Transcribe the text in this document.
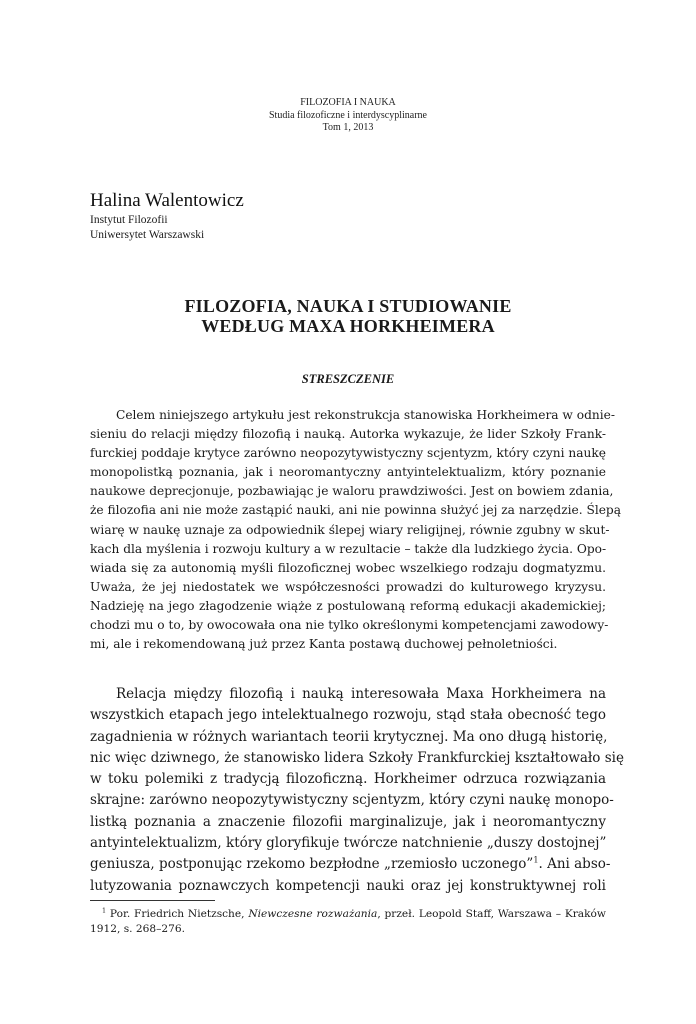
FILOZOFIA I NAUKA
Studia filozoficzne i interdyscyplinarne
Tom 1, 2013
Halina Walentowicz
Instytut Filozofii
Uniwersytet Warszawski
FILOZOFIA, NAUKA I STUDIOWANIE
WEDŁUG MAXA HORKHEIMERA
STRESZCZENIE
Celem niniejszego artykułu jest rekonstrukcja stanowiska Horkheimera w odnie-
sieniu do relacji między filozofią i nauką. Autorka wykazuje, że lider Szkoły Frank-
furckiej poddaje krytyce zarówno neopozytywistyczny scjentyzm, który czyni naukę
monopolistką poznania, jak i neoromantyczny antyintelektualizm, który poznanie
naukowe deprecjonuje, pozbawiając je waloru prawdziwości. Jest on bowiem zdania,
że filozofia ani nie może zastąpić nauki, ani nie powinna służyć jej za narzędzie. Ślepą
wiarę w naukę uznaje za odpowiednik ślepej wiary religijnej, równie zgubny w skut-
kach dla myślenia i rozwoju kultury a w rezultacie – także dla ludzkiego życia. Opo-
wiada się za autonomią myśli filozoficznej wobec wszelkiego rodzaju dogmatyzmu.
Uważa, że jej niedostatek we współczesności prowadzi do kulturowego kryzysu.
Nadzieję na jego złagodzenie wiąże z postulowaną reformą edukacji akademickiej;
chodzi mu o to, by owocowała ona nie tylko określonymi kompetencjami zawodowy-
mi, ale i rekomendowaną już przez Kanta postawą duchowej pełnoletniości.
Relacja między filozofią i nauką interesowała Maxa Horkheimera na
wszystkich etapach jego intelektualnego rozwoju, stąd stała obecność tego
zagadnienia w różnych wariantach teorii krytycznej. Ma ono długą historię,
nic więc dziwnego, że stanowisko lidera Szkoły Frankfurckiej kształtowało się
w toku polemiki z tradycją filozoficzną. Horkheimer odrzuca rozwiązania
skrajne: zarówno neopozytywistyczny scjentyzm, który czyni naukę monopo-
listką poznania a znaczenie filozofii marginalizuje, jak i neoromantyczny
antyintelektualizm, który gloryfikuje twórcze natchnienie „duszy dostojnej”
geniusza, postponując rzekomo bezpłodne „rzemiosło uczonego”$^1$. Ani abso-
lutyzowania poznawczych kompetencji nauki oraz jej konstruktywnej roli
$^1$ Por. Friedrich Nietzsche, Niewczesne rozważania, przeł. Leopold Staff, Warszawa – Kraków
1912, s. 268–276.
